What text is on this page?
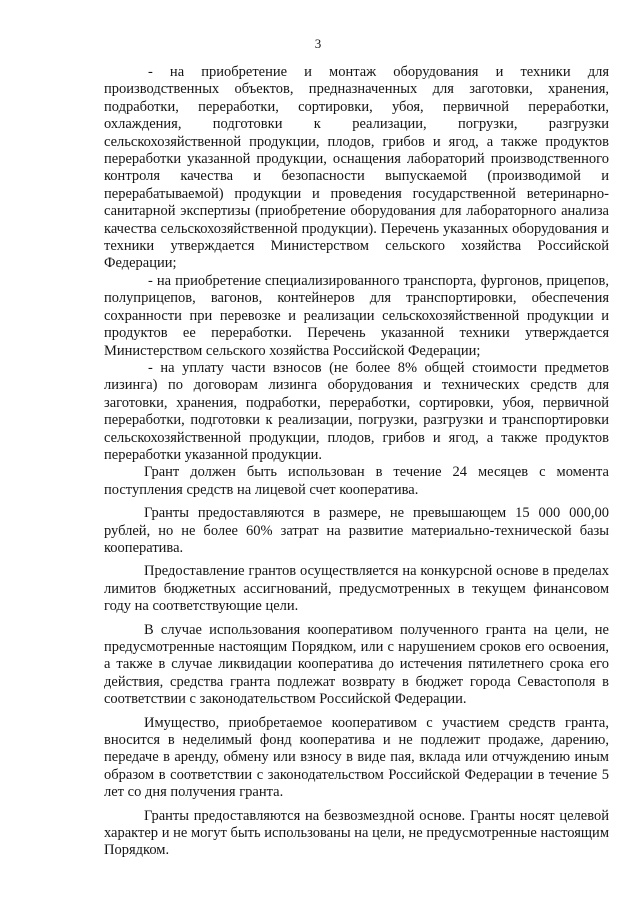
3

- на приобретение и монтаж оборудования и техники для производственных объектов, предназначенных для заготовки, хранения, подработки, переработки, сортировки, убоя, первичной переработки, охлаждения, подготовки к реализации, погрузки, разгрузки сельскохозяйственной продукции, плодов, грибов и ягод, а также продуктов переработки указанной продукции, оснащения лабораторий производственного контроля качества и безопасности выпускаемой (производимой и перерабатываемой) продукции и проведения государственной ветеринарно-санитарной экспертизы (приобретение оборудования для лабораторного анализа качества сельскохозяйственной продукции). Перечень указанных оборудования и техники утверждается Министерством сельского хозяйства Российской Федерации;

- на приобретение специализированного транспорта, фургонов, прицепов, полуприцепов, вагонов, контейнеров для транспортировки, обеспечения сохранности при перевозке и реализации сельскохозяйственной продукции и продуктов ее переработки. Перечень указанной техники утверждается Министерством сельского хозяйства Российской Федерации;

- на уплату части взносов (не более 8% общей стоимости предметов лизинга) по договорам лизинга оборудования и технических средств для заготовки, хранения, подработки, переработки, сортировки, убоя, первичной переработки, подготовки к реализации, погрузки, разгрузки и транспортировки сельскохозяйственной продукции, плодов, грибов и ягод, а также продуктов переработки указанной продукции.

Грант должен быть использован в течение 24 месяцев с момента поступления средств на лицевой счет кооператива.

Гранты предоставляются в размере, не превышающем 15 000 000,00 рублей, но не более 60% затрат на развитие материально-технической базы кооператива.

Предоставление грантов осуществляется на конкурсной основе в пределах лимитов бюджетных ассигнований, предусмотренных в текущем финансовом году на соответствующие цели.

В случае использования кооперативом полученного гранта на цели, не предусмотренные настоящим Порядком, или с нарушением сроков его освоения, а также в случае ликвидации кооператива до истечения пятилетнего срока его действия, средства гранта подлежат возврату в бюджет города Севастополя в соответствии с законодательством Российской Федерации.

Имущество, приобретаемое кооперативом с участием средств гранта, вносится в неделимый фонд кооператива и не подлежит продаже, дарению, передаче в аренду, обмену или взносу в виде пая, вклада или отчуждению иным образом в соответствии с законодательством Российской Федерации в течение 5 лет со дня получения гранта.

Гранты предоставляются на безвозмездной основе. Гранты носят целевой характер и не могут быть использованы на цели, не предусмотренные настоящим Порядком.
